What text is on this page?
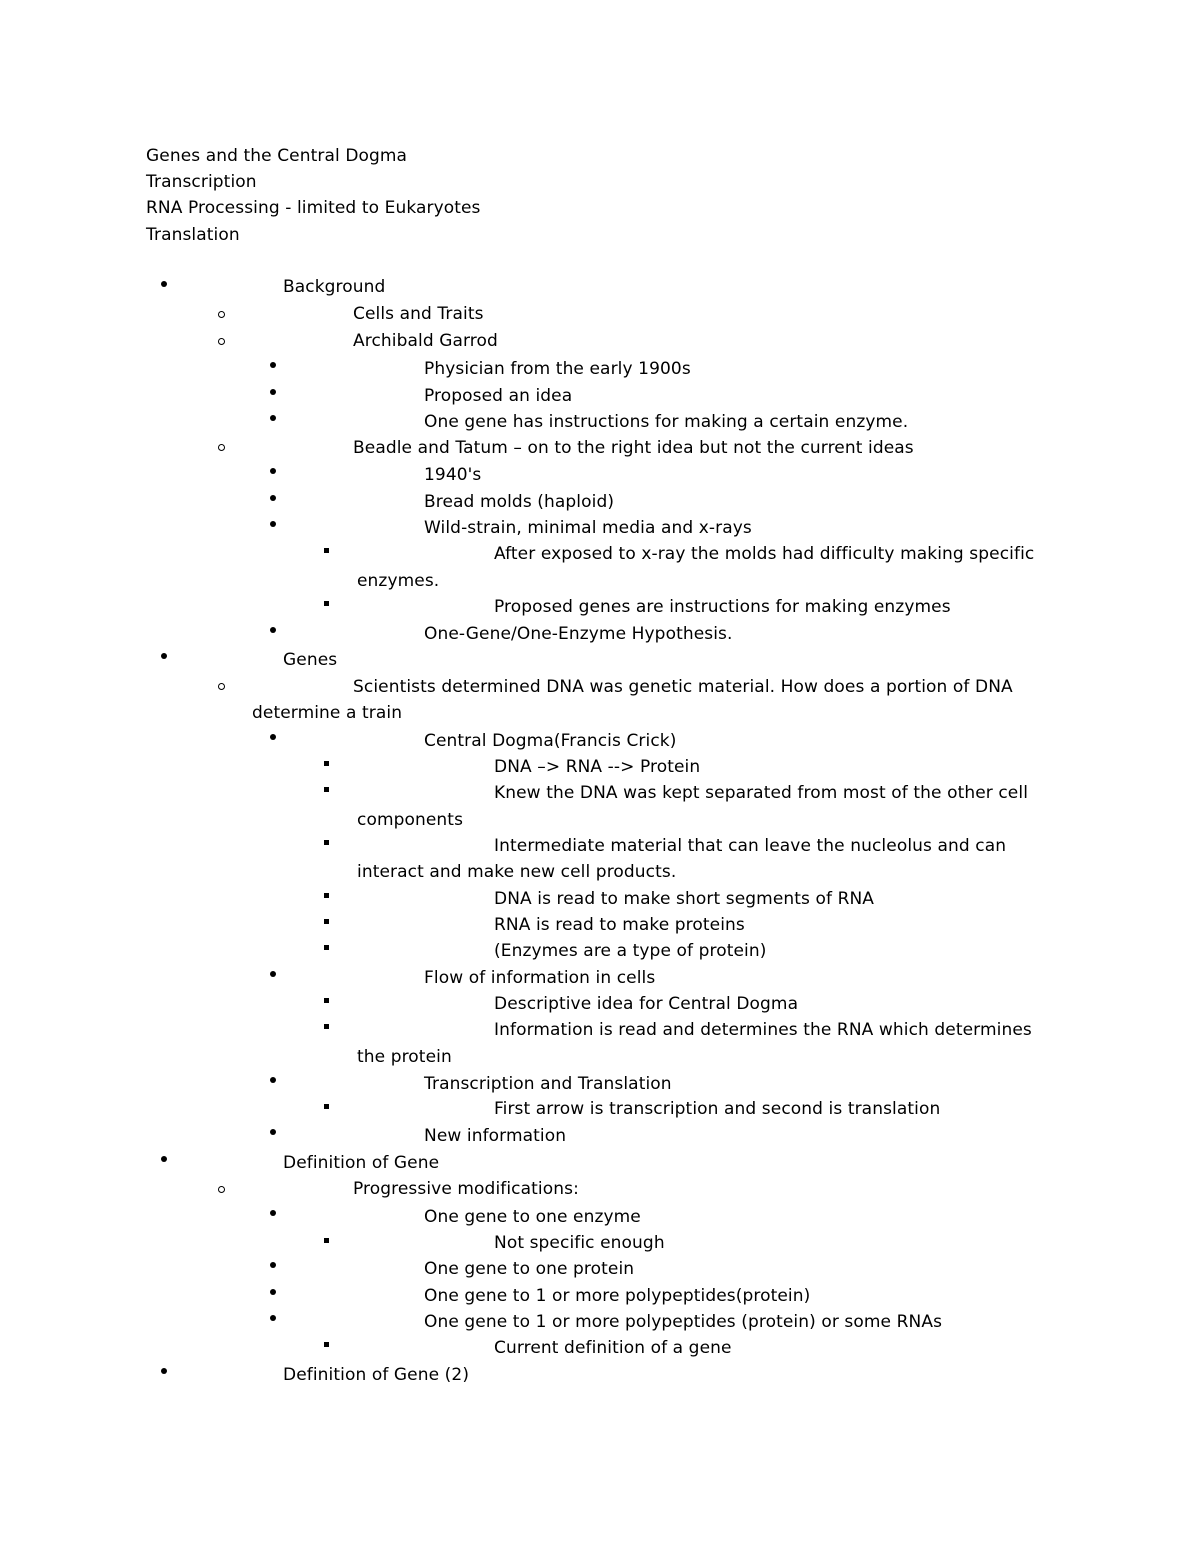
Genes and the Central Dogma
Transcription
RNA Processing - limited to Eukaryotes
Translation
Background
Cells and Traits
Archibald Garrod
Physician from the early 1900s
Proposed an idea
One gene has instructions for making a certain enzyme.
Beadle and Tatum – on to the right idea but not the current ideas
1940's
Bread molds (haploid)
Wild-strain, minimal media and x-rays
After exposed to x-ray the molds had difficulty making specific
enzymes.
Proposed genes are instructions for making enzymes
One-Gene/One-Enzyme Hypothesis.
Genes
Scientists determined DNA was genetic material. How does a portion of DNA
determine a train
Central Dogma(Francis Crick)
DNA –> RNA --> Protein
Knew the DNA was kept separated from most of the other cell
components
Intermediate material that can leave the nucleolus and can
interact and make new cell products.
DNA is read to make short segments of RNA
RNA is read to make proteins
(Enzymes are a type of protein)
Flow of information in cells
Descriptive idea for Central Dogma
Information is read and determines the RNA which determines
the protein
Transcription and Translation
First arrow is transcription and second is translation
New information
Definition of Gene
Progressive modifications:
One gene to one enzyme
Not specific enough
One gene to one protein
One gene to 1 or more polypeptides(protein)
One gene to 1 or more polypeptides (protein) or some RNAs
Current definition of a gene
Definition of Gene (2)
